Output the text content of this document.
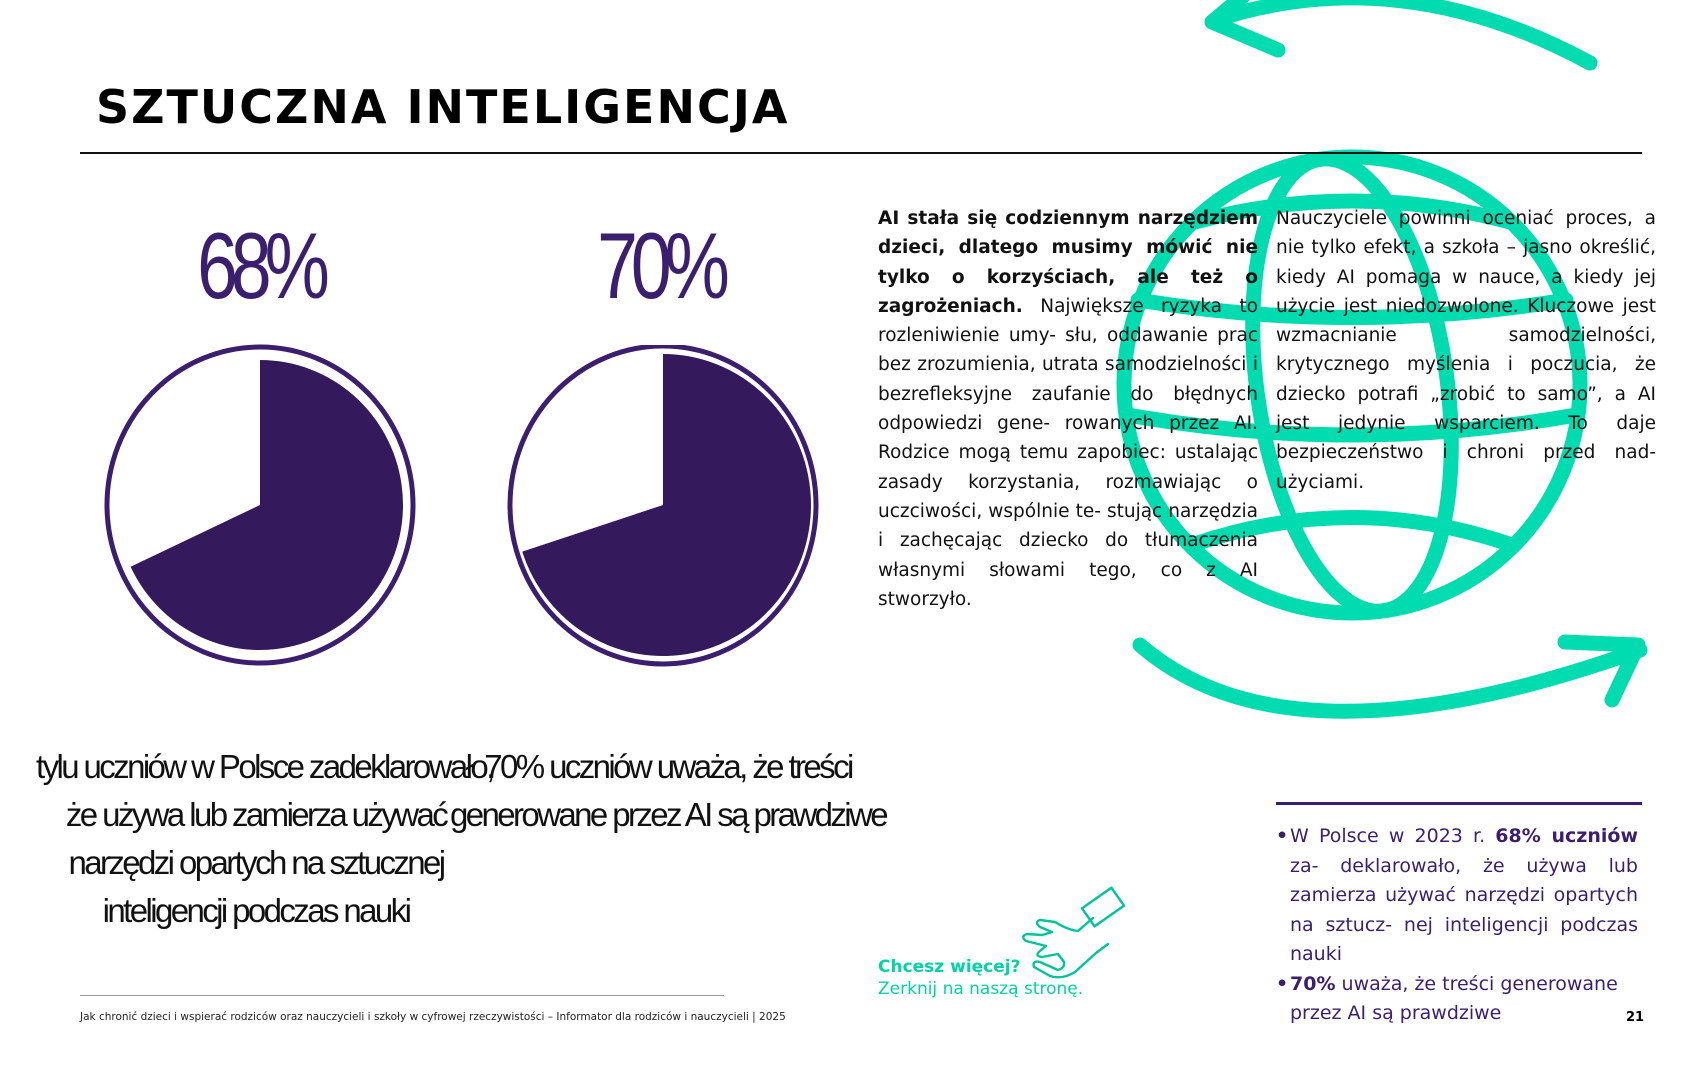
SZTUCZNA INTELIGENCJA
68%
tylu uczniów w Polsce zadeklarowało,
że używa lub zamierza używać
narzędzi opartych na sztucznej
inteligencji podczas nauki
70%
70% uczniów uważa, że treści
generowane przez AI są prawdziwe
AI stała się codziennym narzędziem dzieci, dlatego musimy mówić nie tylko o korzyściach, ale też o zagrożeniach. Największe ryzyka to rozleniwienie umy- słu, oddawanie prac bez zrozumienia, utrata samodzielności i bezrefleksyjne zaufanie do błędnych odpowiedzi gene- rowanych przez AI. Rodzice mogą temu zapobiec: ustalając zasady korzystania, rozmawiając o uczciwości, wspólnie te- stując narzędzia i zachęcając dziecko do tłumaczenia własnymi słowami tego, co z AI stworzyło.
Nauczyciele powinni oceniać proces, a nie tylko efekt, a szkoła – jasno określić, kiedy AI pomaga w nauce, a kiedy jej użycie jest niedozwolone. Kluczowe jest wzmacnianie samodzielności, krytycznego myślenia i poczucia, że dziecko potrafi „zrobić to samo”, a AI jest jedynie wsparciem. To daje bezpieczeństwo i chroni przed nad- użyciami.
• W Polsce w 2023 r. 68% uczniów za- deklarowało, że używa lub zamierza używać narzędzi opartych na sztucz- nej inteligencji podczas nauki
• 70% uważa, że treści generowane przez AI są prawdziwe
Chcesz więcej?
Zerknij na naszą stronę.
Jak chronić dzieci i wspierać rodziców oraz nauczycieli i szkoły w cyfrowej rzeczywistości – Informator dla rodziców i nauczycieli | 2025	21
